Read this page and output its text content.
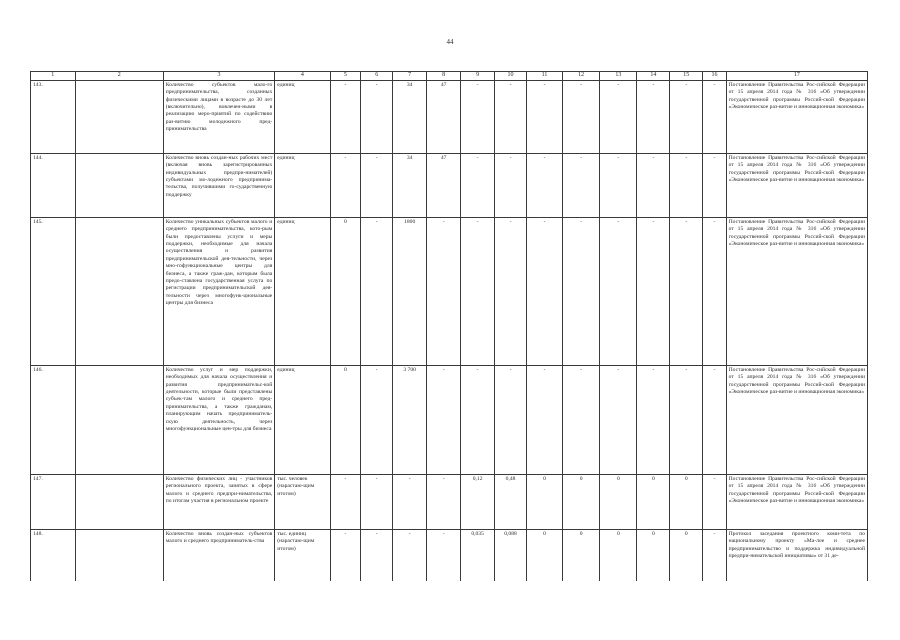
44
1	2	3	4	5	6	7	8	9	10	11	12	13	14	15	16	17
143.		Количество субъектов мало-го предпринимательства, созданных физическими лицами в возрасте до 30 лет (включительно), вовлечен-ными в реализацию меро-приятий по содействию раз-витию молодежного пред-принимательства	единиц	-	-	34	47	-	-	-	-	-	-	-	-	Постановление Правительства Рос-сийской Федерации от 15 апреля 2014 года № 316 «Об утверждении государственной программы Россий-ской Федерации «Экономическое раз-витие и инновационная экономика»
144.		Количество вновь создан-ных рабочих мест (включая вновь зарегистрированных индивидуальных предпри-нимателей) субъектами мо-лодежного предпринима-тельства, получившими го-сударственную поддержку	единиц	-	-	34	47	-	-	-	-	-	-	-	-	Постановление Правительства Рос-сийской Федерации от 15 апреля 2014 года № 316 «Об утверждении государственной программы Россий-ской Федерации «Экономическое раз-витие и инновационная экономика»
145.		Количество уникальных субъектов малого и среднего предпринимательства, кото-рым были предоставлены услуги и меры поддержки, необходимые для начала осуществления и развития предпринимательской дея-тельности, через мно-гофункциональные центры для бизнеса, а также граж-дан, которым была предо-ставлена государственная услуга по регистрации предпринимательской дея-тельности через многофунк-циональные центры для бизнеса	единиц	0	-	1800	-	-	-	-	-	-	-	-	-	Постановление Правительства Рос-сийской Федерации от 15 апреля 2014 года № 316 «Об утверждении государственной программы Россий-ской Федерации «Экономическое раз-витие и инновационная экономика»
146.		Количество услуг и мер поддержки, необходимых для начала осуществления и развития предпринимательс-кой деятельности, которые были представлены субъек-там малого и среднего пред-принимательства, а также гражданам, планирующим начать предприниматель-скую деятельность, через многофункциональные цен-тры для бизнеса	единиц	0	-	3 700	-	-	-	-	-	-	-	-	-	Постановление Правительства Рос-сийской Федерации от 15 апреля 2014 года № 316 «Об утверждении государственной программы Россий-ской Федерации «Экономическое раз-витие и инновационная экономика»
147.		Количество физических лиц - участников регионального проекта, занятых в сфере малого и среднего предпри-нимательства, по итогам участия в региональном проекте	тыс. человек (нарастаю-щим итогом)	-	-	-	-	0,12	0,48	0	0	0	0	0	-	Постановление Правительства Рос-сийской Федерации от 15 апреля 2014 года № 316 «Об утверждении государственной программы Россий-ской Федерации «Экономическое раз-витие и инновационная экономика»
148.		Количество вновь создан-ных субъектов малого и среднего предприниматель-ства	тыс. единиц (нарастаю-щим итогом)	-	-	-	-	0,035	0,088	0	0	0	0	0	-	Протокол заседания проектного коми-тета по национальному проекту «Ма-лое и среднее предпринимательство и поддержка индивидуальной предпри-нимательской инициативы» от 31 де-
